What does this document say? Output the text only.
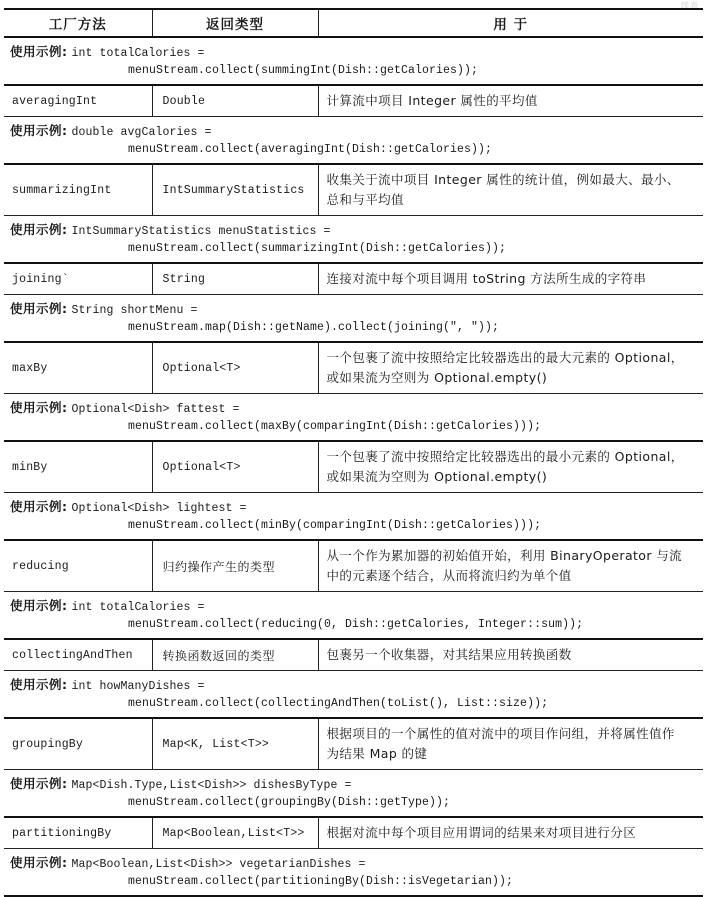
续表
工厂方法	返回类型	用 于

使用示例: int totalCalories =
menuStream.collect(summingInt(Dish::getCalories));		

averagingInt	Double	计算流中项目 Integer 属性的平均值

使用示例: double avgCalories =
menuStream.collect(averagingInt(Dish::getCalories));		

summarizingInt	IntSummaryStatistics	收集关于流中项目 Integer 属性的统计值，例如最大、最小、
总和与平均值

使用示例: IntSummaryStatistics menuStatistics =
menuStream.collect(summarizingInt(Dish::getCalories));		

joining`	String	连接对流中每个项目调用 toString 方法所生成的字符串

使用示例: String shortMenu =
menuStream.map(Dish::getName).collect(joining(", "));		

maxBy	Optional<T>	一个包裹了流中按照给定比较器选出的最大元素的 Optional，
或如果流为空则为 Optional.empty()

使用示例: Optional<Dish> fattest =
menuStream.collect(maxBy(comparingInt(Dish::getCalories)));		

minBy	Optional<T>	一个包裹了流中按照给定比较器选出的最小元素的 Optional，
或如果流为空则为 Optional.empty()

使用示例: Optional<Dish> lightest =
menuStream.collect(minBy(comparingInt(Dish::getCalories)));		

reducing	归约操作产生的类型	从一个作为累加器的初始值开始，利用 BinaryOperator 与流
中的元素逐个结合，从而将流归约为单个值

使用示例: int totalCalories =
menuStream.collect(reducing(0, Dish::getCalories, Integer::sum));		

collectingAndThen	转换函数返回的类型	包裹另一个收集器，对其结果应用转换函数

使用示例: int howManyDishes =
menuStream.collect(collectingAndThen(toList(), List::size));		

groupingBy	Map<K, List<T>>	根据项目的一个属性的值对流中的项目作问组，并将属性值作
为结果 Map 的键

使用示例: Map<Dish.Type,List<Dish>> dishesByType =
menuStream.collect(groupingBy(Dish::getType));		

partitioningBy	Map<Boolean,List<T>>	根据对流中每个项目应用谓词的结果来对项目进行分区

使用示例: Map<Boolean,List<Dish>> vegetarianDishes =
menuStream.collect(partitioningBy(Dish::isVegetarian));		
